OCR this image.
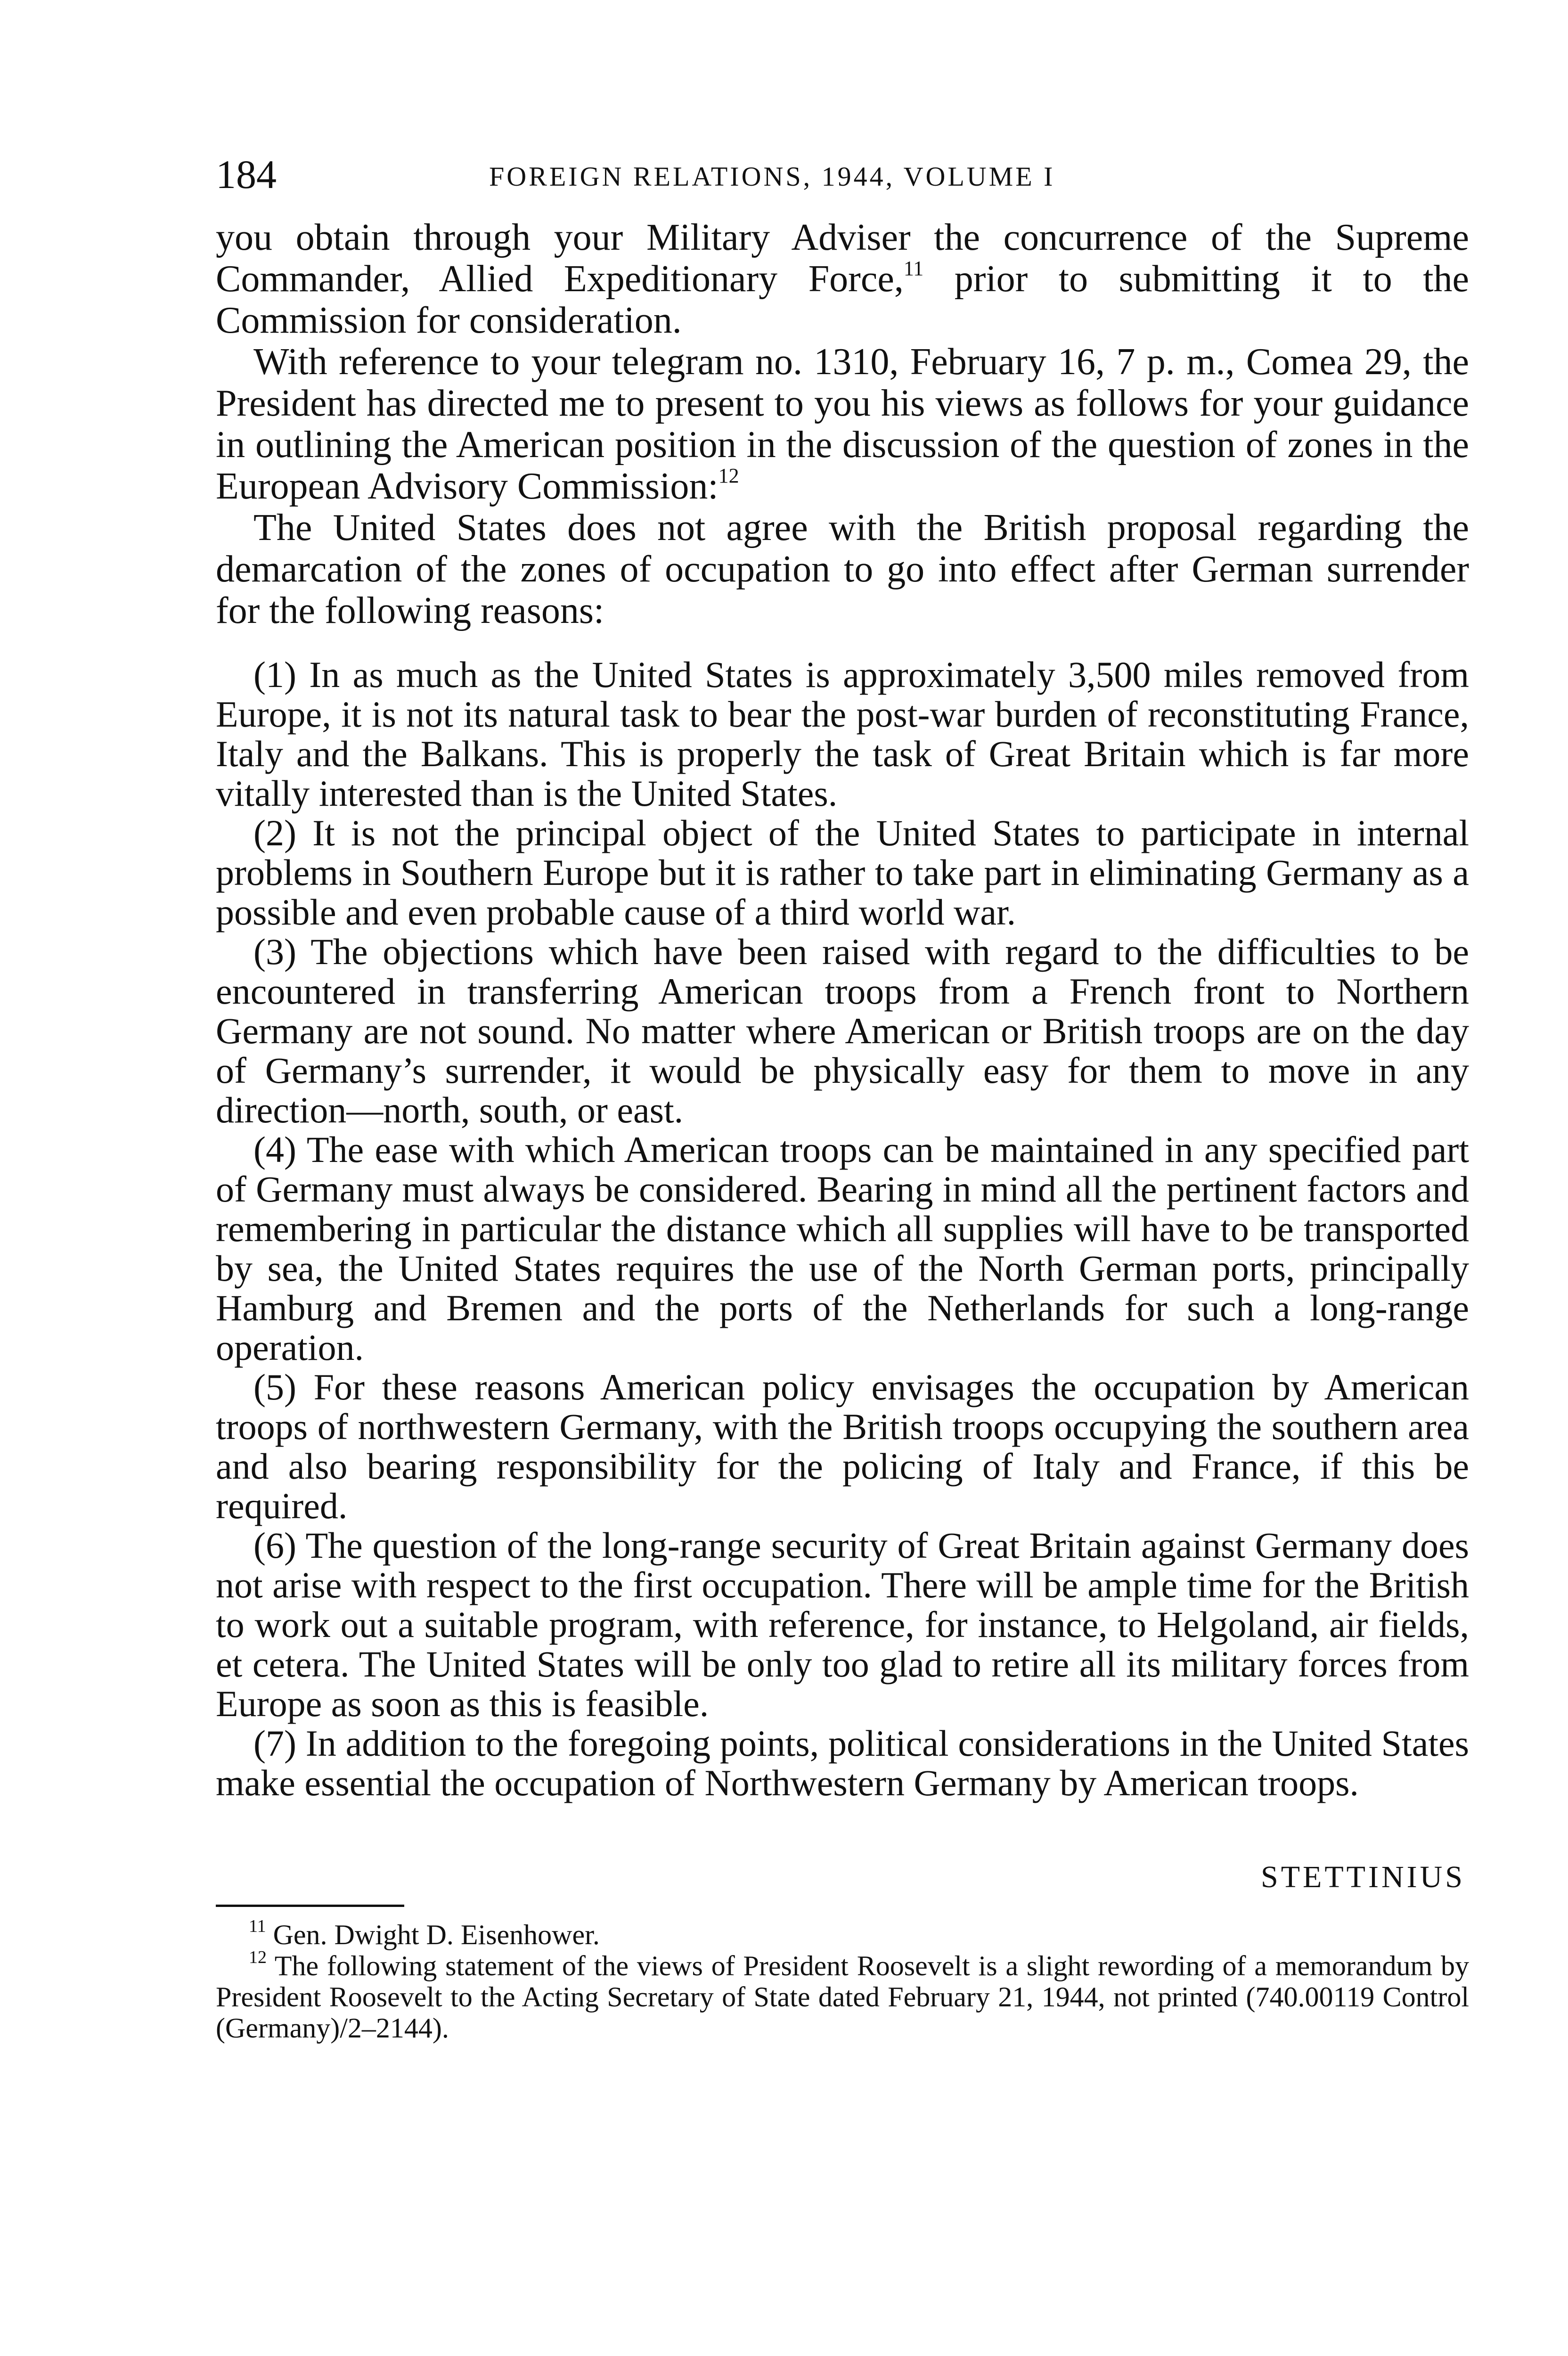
184	FOREIGN RELATIONS, 1944, VOLUME I

you obtain through your Military Adviser the concurrence of the Supreme Commander, Allied Expeditionary Force,$^{11}$ prior to submitting it to the Commission for consideration.

With reference to your telegram no. 1310, February 16, 7 p. m., Comea 29, the President has directed me to present to you his views as follows for your guidance in outlining the American position in the discussion of the question of zones in the European Advisory Commission:$^{12}$

The United States does not agree with the British proposal regarding the demarcation of the zones of occupation to go into effect after German surrender for the following reasons:

(1) In as much as the United States is approximately 3,500 miles removed from Europe, it is not its natural task to bear the post-war burden of reconstituting France, Italy and the Balkans. This is properly the task of Great Britain which is far more vitally interested than is the United States.

(2) It is not the principal object of the United States to participate in internal problems in Southern Europe but it is rather to take part in eliminating Germany as a possible and even probable cause of a third world war.

(3) The objections which have been raised with regard to the difficulties to be encountered in transferring American troops from a French front to Northern Germany are not sound. No matter where American or British troops are on the day of Germany’s surrender, it would be physically easy for them to move in any direction—north, south, or east.

(4) The ease with which American troops can be maintained in any specified part of Germany must always be considered. Bearing in mind all the pertinent factors and remembering in particular the distance which all supplies will have to be transported by sea, the United States requires the use of the North German ports, principally Hamburg and Bremen and the ports of the Netherlands for such a long-range operation.

(5) For these reasons American policy envisages the occupation by American troops of northwestern Germany, with the British troops occupying the southern area and also bearing responsibility for the policing of Italy and France, if this be required.

(6) The question of the long-range security of Great Britain against Germany does not arise with respect to the first occupation. There will be ample time for the British to work out a suitable program, with reference, for instance, to Helgoland, air fields, et cetera. The United States will be only too glad to retire all its military forces from Europe as soon as this is feasible.

(7) In addition to the foregoing points, political considerations in the United States make essential the occupation of Northwestern Germany by American troops.

STETTINIUS

$^{11}$ Gen. Dwight D. Eisenhower.

$^{12}$ The following statement of the views of President Roosevelt is a slight rewording of a memorandum by President Roosevelt to the Acting Secretary of State dated February 21, 1944, not printed (740.00119 Control (Germany)/2–2144).
